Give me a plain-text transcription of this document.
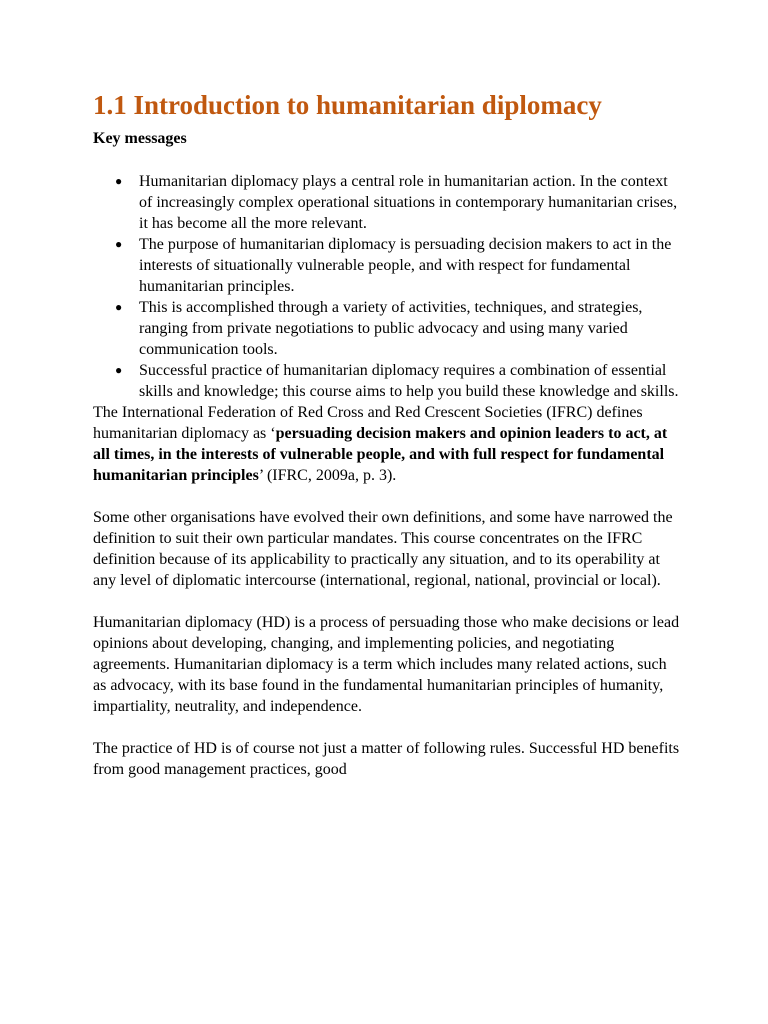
1.1 Introduction to humanitarian diplomacy
Key messages
● Humanitarian diplomacy plays a central role in humanitarian action. In the context of increasingly complex operational situations in contemporary humanitarian crises, it has become all the more relevant.
● The purpose of humanitarian diplomacy is persuading decision makers to act in the interests of situationally vulnerable people, and with respect for fundamental humanitarian principles.
● This is accomplished through a variety of activities, techniques, and strategies, ranging from private negotiations to public advocacy and using many varied communication tools.
● Successful practice of humanitarian diplomacy requires a combination of essential skills and knowledge; this course aims to help you build these knowledge and skills.

The International Federation of Red Cross and Red Crescent Societies (IFRC) defines humanitarian diplomacy as ‘persuading decision makers and opinion leaders to act, at all times, in the interests of vulnerable people, and with full respect for fundamental humanitarian principles’ (IFRC, 2009a, p. 3).

Some other organisations have evolved their own definitions, and some have narrowed the definition to suit their own particular mandates. This course concentrates on the IFRC definition because of its applicability to practically any situation, and to its operability at any level of diplomatic intercourse (international, regional, national, provincial or local).

Humanitarian diplomacy (HD) is a process of persuading those who make decisions or lead opinions about developing, changing, and implementing policies, and negotiating agreements. Humanitarian diplomacy is a term which includes many related actions, such as advocacy, with its base found in the fundamental humanitarian principles of humanity, impartiality, neutrality, and independence.

The practice of HD is of course not just a matter of following rules. Successful HD benefits from good management practices, good
